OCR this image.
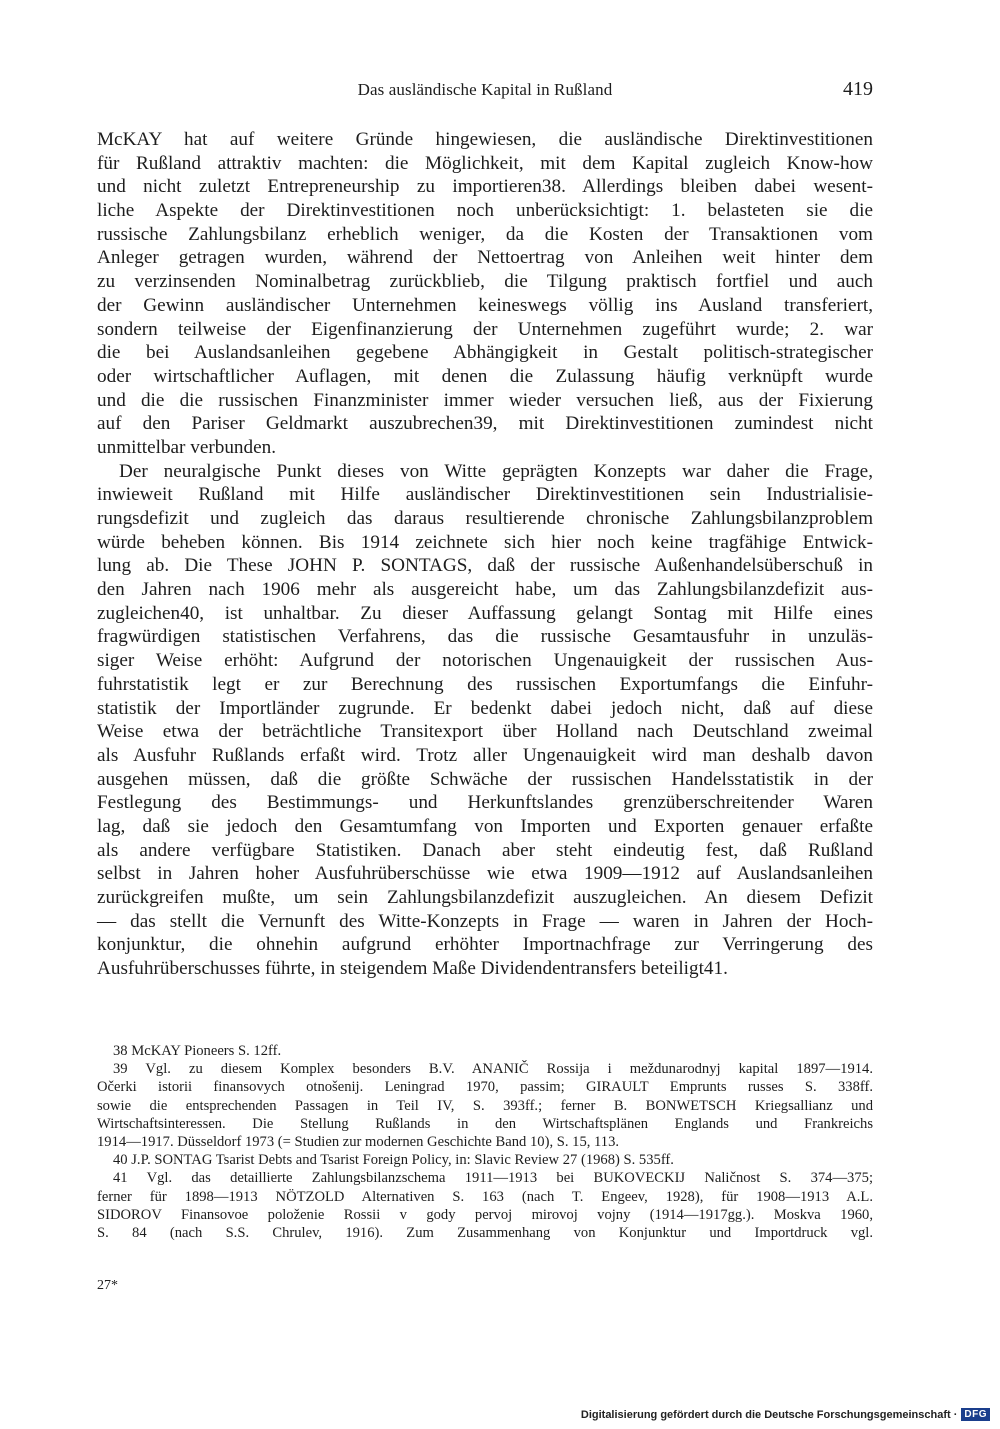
Das ausländische Kapital in Rußland	419
McKAY hat auf weitere Gründe hingewiesen, die ausländische Direktinvestitionen
für Rußland attraktiv machten: die Möglichkeit, mit dem Kapital zugleich Know-how
und nicht zuletzt Entrepreneurship zu importieren38. Allerdings bleiben dabei wesent-
liche Aspekte der Direktinvestitionen noch unberücksichtigt: 1. belasteten sie die
russische Zahlungsbilanz erheblich weniger, da die Kosten der Transaktionen vom
Anleger getragen wurden, während der Nettoertrag von Anleihen weit hinter dem
zu verzinsenden Nominalbetrag zurückblieb, die Tilgung praktisch fortfiel und auch
der Gewinn ausländischer Unternehmen keineswegs völlig ins Ausland transferiert,
sondern teilweise der Eigenfinanzierung der Unternehmen zugeführt wurde; 2. war
die bei Auslandsanleihen gegebene Abhängigkeit in Gestalt politisch-strategischer
oder wirtschaftlicher Auflagen, mit denen die Zulassung häufig verknüpft wurde
und die die russischen Finanzminister immer wieder versuchen ließ, aus der Fixierung
auf den Pariser Geldmarkt auszubrechen39, mit Direktinvestitionen zumindest nicht
unmittelbar verbunden.
Der neuralgische Punkt dieses von Witte geprägten Konzepts war daher die Frage,
inwieweit Rußland mit Hilfe ausländischer Direktinvestitionen sein Industrialisie-
rungsdefizit und zugleich das daraus resultierende chronische Zahlungsbilanzproblem
würde beheben können. Bis 1914 zeichnete sich hier noch keine tragfähige Entwick-
lung ab. Die These JOHN P. SONTAGS, daß der russische Außenhandelsüberschuß in
den Jahren nach 1906 mehr als ausgereicht habe, um das Zahlungsbilanzdefizit aus-
zugleichen40, ist unhaltbar. Zu dieser Auffassung gelangt Sontag mit Hilfe eines
fragwürdigen statistischen Verfahrens, das die russische Gesamtausfuhr in unzuläs-
siger Weise erhöht: Aufgrund der notorischen Ungenauigkeit der russischen Aus-
fuhrstatistik legt er zur Berechnung des russischen Exportumfangs die Einfuhr-
statistik der Importländer zugrunde. Er bedenkt dabei jedoch nicht, daß auf diese
Weise etwa der beträchtliche Transitexport über Holland nach Deutschland zweimal
als Ausfuhr Rußlands erfaßt wird. Trotz aller Ungenauigkeit wird man deshalb davon
ausgehen müssen, daß die größte Schwäche der russischen Handelsstatistik in der
Festlegung des Bestimmungs- und Herkunftslandes grenzüberschreitender Waren
lag, daß sie jedoch den Gesamtumfang von Importen und Exporten genauer erfaßte
als andere verfügbare Statistiken. Danach aber steht eindeutig fest, daß Rußland
selbst in Jahren hoher Ausfuhrüberschüsse wie etwa 1909—1912 auf Auslandsanleihen
zurückgreifen mußte, um sein Zahlungsbilanzdefizit auszugleichen. An diesem Defizit
— das stellt die Vernunft des Witte-Konzepts in Frage — waren in Jahren der Hoch-
konjunktur, die ohnehin aufgrund erhöhter Importnachfrage zur Verringerung des
Ausfuhrüberschusses führte, in steigendem Maße Dividendentransfers beteiligt41.
38 McKAY Pioneers S. 12ff.
39 Vgl. zu diesem Komplex besonders B.V. ANANIČ Rossija i meždunarodnyj kapital 1897—1914.
Očerki istorii finansovych otnošenij. Leningrad 1970, passim; GIRAULT Emprunts russes S. 338ff.
sowie die entsprechenden Passagen in Teil IV, S. 393ff.; ferner B. BONWETSCH Kriegsallianz und
Wirtschaftsinteressen. Die Stellung Rußlands in den Wirtschaftsplänen Englands und Frankreichs
1914—1917. Düsseldorf 1973 (= Studien zur modernen Geschichte Band 10), S. 15, 113.
40 J.P. SONTAG Tsarist Debts and Tsarist Foreign Policy, in: Slavic Review 27 (1968) S. 535ff.
41 Vgl. das detaillierte Zahlungsbilanzschema 1911—1913 bei BUKOVECKIJ Naličnost S. 374—375;
ferner für 1898—1913 NÖTZOLD Alternativen S. 163 (nach T. Engeev, 1928), für 1908—1913 A.L.
SIDOROV Finansovoe položenie Rossii v gody pervoj mirovoj vojny (1914—1917gg.). Moskva 1960,
S. 84 (nach S.S. Chrulev, 1916). Zum Zusammenhang von Konjunktur und Importdruck vgl.
27*
Digitalisierung gefördert durch die Deutsche Forschungsgemeinschaft · DFG
